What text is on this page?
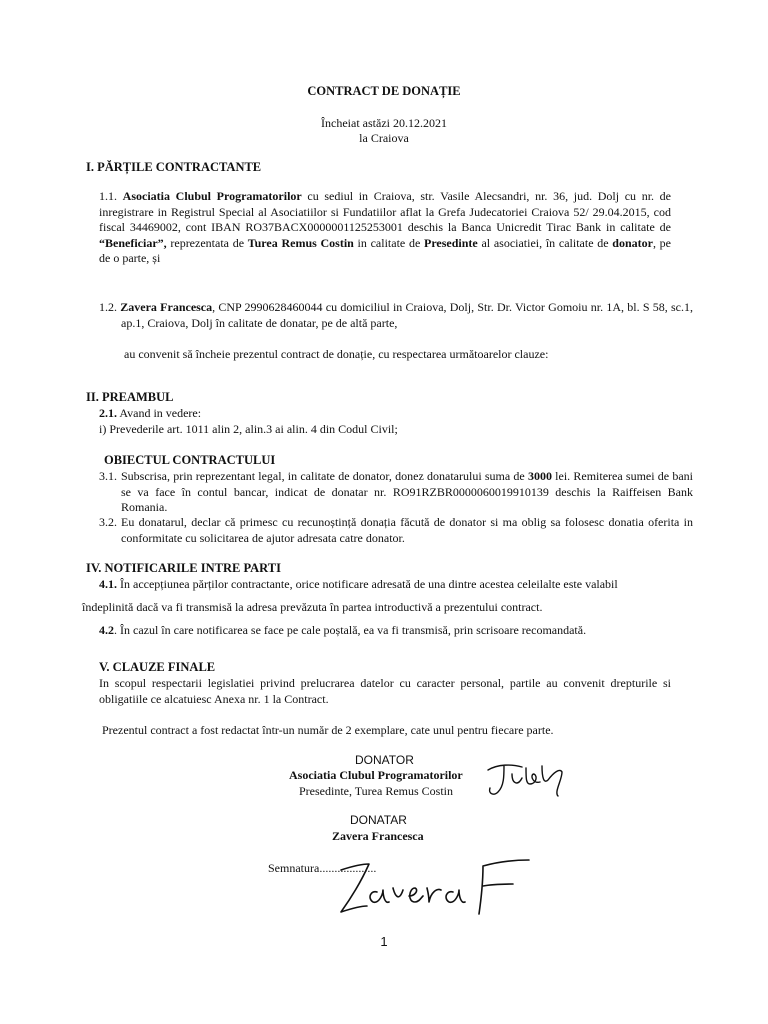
CONTRACT DE DONAȚIE
Încheiat astăzi 20.12.2021
la Craiova
I. PĂRȚILE CONTRACTANTE
1.1. Asociatia Clubul Programatorilor cu sediul in Craiova, str. Vasile Alecsandri, nr. 36, jud. Dolj cu nr. de inregistrare in Registrul Special al Asociatiilor si Fundatiilor aflat la Grefa Judecatoriei Craiova 52/ 29.04.2015, cod fiscal 34469002, cont IBAN RO37BACX0000001125253001 deschis la Banca Unicredit Tirac Bank in calitate de “Beneficiar”, reprezentata de Turea Remus Costin in calitate de Presedinte al asociatiei, în calitate de donator, pe de o parte, și
1.2. Zavera Francesca, CNP 2990628460044 cu domiciliul in Craiova, Dolj, Str. Dr. Victor Gomoiu nr. 1A, bl. S 58, sc.1, ap.1, Craiova, Dolj în calitate de donatar, pe de altă parte,
au convenit să încheie prezentul contract de donație, cu respectarea următoarelor clauze:
II. PREAMBUL
2.1. Avand in vedere:
i) Prevederile art. 1011 alin 2, alin.3 ai alin. 4 din Codul Civil;
OBIECTUL CONTRACTULUI
3.1. Subscrisa, prin reprezentant legal, in calitate de donator, donez donatarului suma de 3000 lei. Remiterea sumei de bani se va face în contul bancar, indicat de donatar nr. RO91RZBR0000060019910139 deschis la Raiffeisen Bank Romania.
3.2. Eu donatarul, declar că primesc cu recunoștință donația făcută de donator si ma oblig sa folosesc donatia oferita in conformitate cu solicitarea de ajutor adresata catre donator.
IV. NOTIFICARILE INTRE PARTI
4.1. În accepțiunea părților contractante, orice notificare adresată de una dintre acestea celeilalte este valabil
îndeplinită dacă va fi transmisă la adresa prevăzuta în partea introductivă a prezentului contract.
4.2. În cazul în care notificarea se face pe cale poștală, ea va fi transmisă, prin scrisoare recomandată.
V. CLAUZE FINALE
In scopul respectarii legislatiei privind prelucrarea datelor cu caracter personal, partile au convenit drepturile si obligatiile ce alcatuiesc Anexa nr. 1 la Contract.
Prezentul contract a fost redactat într-un număr de 2 exemplare, cate unul pentru fiecare parte.
DONATOR
Asociatia Clubul Programatorilor
Presedinte, Turea Remus Costin
DONATAR
Zavera Francesca
Semnatura...................
1
